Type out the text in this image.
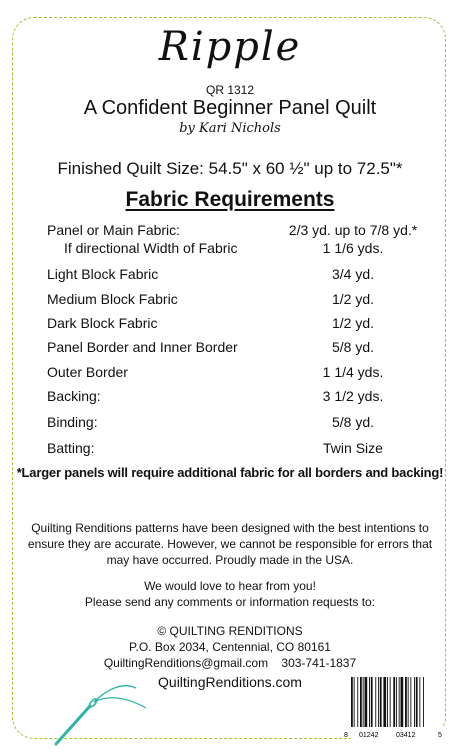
Ripple
QR 1312
A Confident Beginner Panel Quilt
by Kari Nichols
Finished Quilt Size: 54.5" x 60 ½" up to 72.5"*
Fabric Requirements
Panel or Main Fabric:	2/3 yd. up to 7/8 yd.*
If directional Width of Fabric	1 1/6 yds.
Light Block Fabric	3/4 yd.
Medium Block Fabric	1/2 yd.
Dark Block Fabric	1/2 yd.
Panel Border and Inner Border	5/8 yd.
Outer Border	1 1/4 yds.
Backing:	3 1/2 yds.
Binding:	5/8 yd.
Batting:	Twin Size
*Larger panels will require additional fabric for all borders and backing!
Quilting Renditions patterns have been designed with the best intentions to ensure they are accurate. However, we cannot be responsible for errors that may have occurred. Proudly made in the USA.
We would love to hear from you!
Please send any comments or information requests to:
© QUILTING RENDITIONS
P.O. Box 2034, Centennial, CO 80161
QuiltingRenditions@gmail.com    303-741-1837
QuiltingRenditions.com
8 01242	03412	5
